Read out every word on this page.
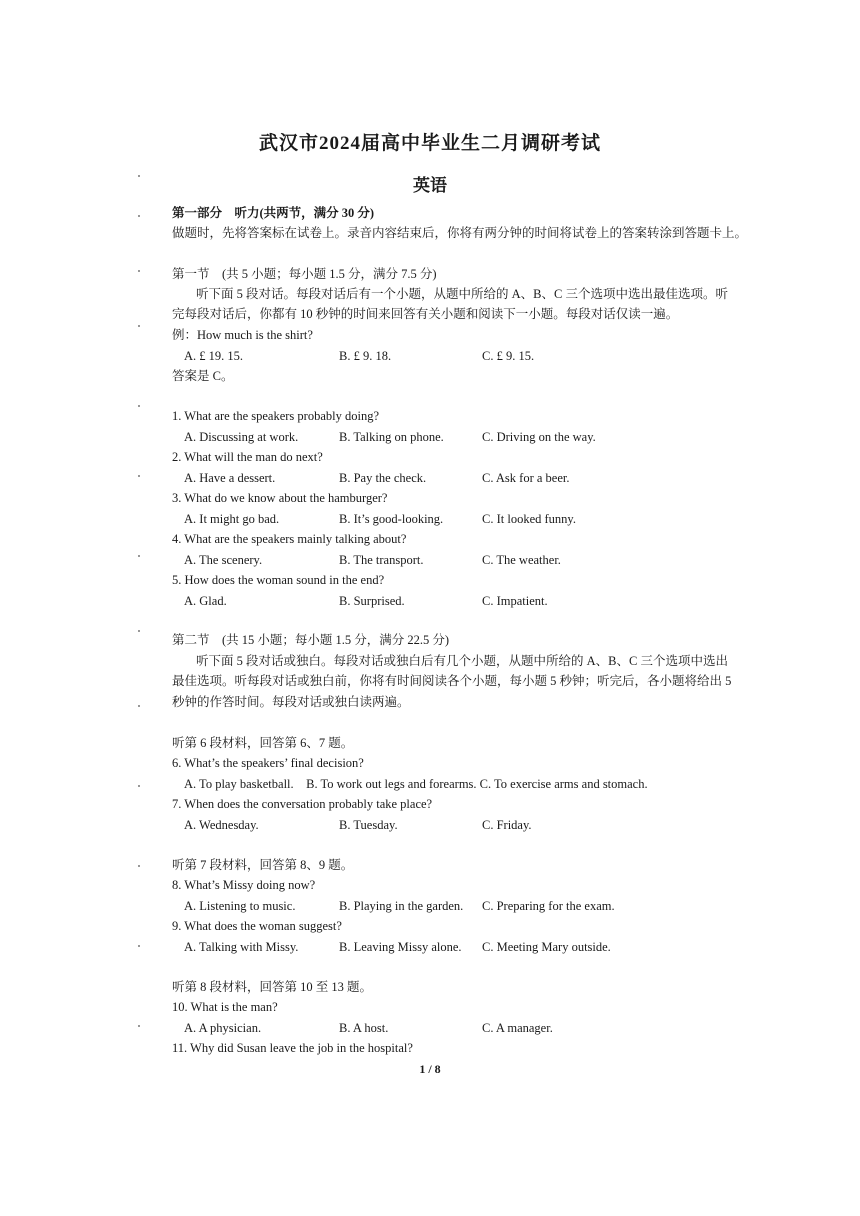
武汉市2024届高中毕业生二月调研考试
英语
第一部分　听力(共两节，满分 30 分)
做题时，先将答案标在试卷上。录音内容结束后，你将有两分钟的时间将试卷上的答案转涂到答题卡上。
第一节　(共 5 小题；每小题 1.5 分，满分 7.5 分)
听下面 5 段对话。每段对话后有一个小题，从题中所给的 A、B、C 三个选项中选出最佳选项。听
完每段对话后，你都有 10 秒钟的时间来回答有关小题和阅读下一小题。每段对话仅读一遍。
例：How much is the shirt?
A. £ 19. 15.	B. £ 9. 18.	C. £ 9. 15.
答案是 C。
1. What are the speakers probably doing?
A. Discussing at work.	B. Talking on phone.	C. Driving on the way.
2. What will the man do next?
A. Have a dessert.	B. Pay the check.	C. Ask for a beer.
3. What do we know about the hamburger?
A. It might go bad.	B. It’s good-looking.	C. It looked funny.
4. What are the speakers mainly talking about?
A. The scenery.	B. The transport.	C. The weather.
5. How does the woman sound in the end?
A. Glad.	B. Surprised.	C. Impatient.
第二节　(共 15 小题；每小题 1.5 分，满分 22.5 分)
听下面 5 段对话或独白。每段对话或独白后有几个小题，从题中所给的 A、B、C 三个选项中选出
最佳选项。听每段对话或独白前，你将有时间阅读各个小题，每小题 5 秒钟；听完后，各小题将给出 5
秒钟的作答时间。每段对话或独白读两遍。
听第 6 段材料，回答第 6、7 题。
6. What’s the speakers’ final decision?
A. To play basketball.　B. To work out legs and forearms. C. To exercise arms and stomach.
7. When does the conversation probably take place?
A. Wednesday.	B. Tuesday.	C. Friday.
听第 7 段材料，回答第 8、9 题。
8. What’s Missy doing now?
A. Listening to music.	B. Playing in the garden. C. Preparing for the exam.
9. What does the woman suggest?
A. Talking with Missy.	B. Leaving Missy alone. C. Meeting Mary outside.
听第 8 段材料，回答第 10 至 13 题。
10. What is the man?
A. A physician.	B. A host.	C. A manager.
11. Why did Susan leave the job in the hospital?
1 / 8
